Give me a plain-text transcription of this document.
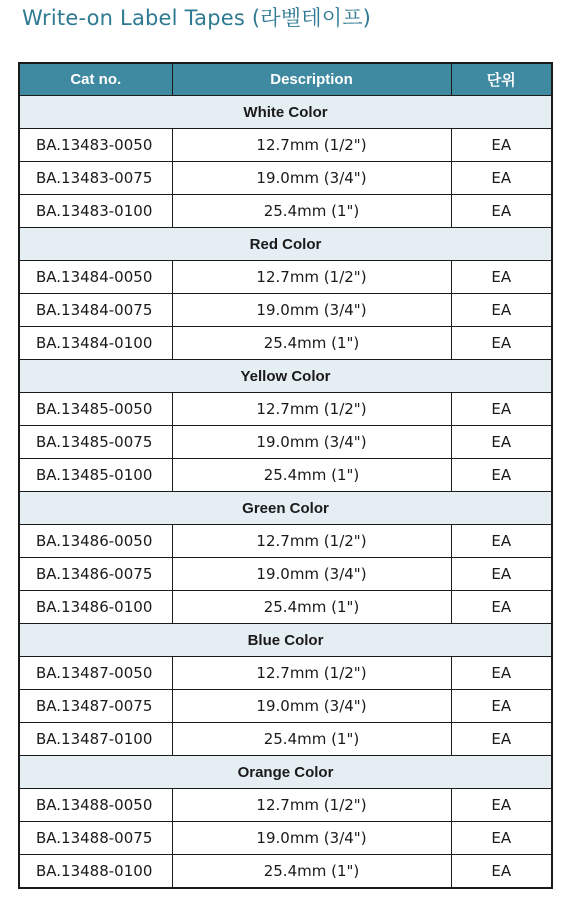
Write-on Label Tapes (라벨테이프)
Cat no.	Description	단위
White Color		
BA.13483-0050	12.7mm (1/2")	EA
BA.13483-0075	19.0mm (3/4")	EA
BA.13483-0100	25.4mm (1")	EA
Red Color		
BA.13484-0050	12.7mm (1/2")	EA
BA.13484-0075	19.0mm (3/4")	EA
BA.13484-0100	25.4mm (1")	EA
Yellow Color		
BA.13485-0050	12.7mm (1/2")	EA
BA.13485-0075	19.0mm (3/4")	EA
BA.13485-0100	25.4mm (1")	EA
Green Color		
BA.13486-0050	12.7mm (1/2")	EA
BA.13486-0075	19.0mm (3/4")	EA
BA.13486-0100	25.4mm (1")	EA
Blue Color		
BA.13487-0050	12.7mm (1/2")	EA
BA.13487-0075	19.0mm (3/4")	EA
BA.13487-0100	25.4mm (1")	EA
Orange Color		
BA.13488-0050	12.7mm (1/2")	EA
BA.13488-0075	19.0mm (3/4")	EA
BA.13488-0100	25.4mm (1")	EA
